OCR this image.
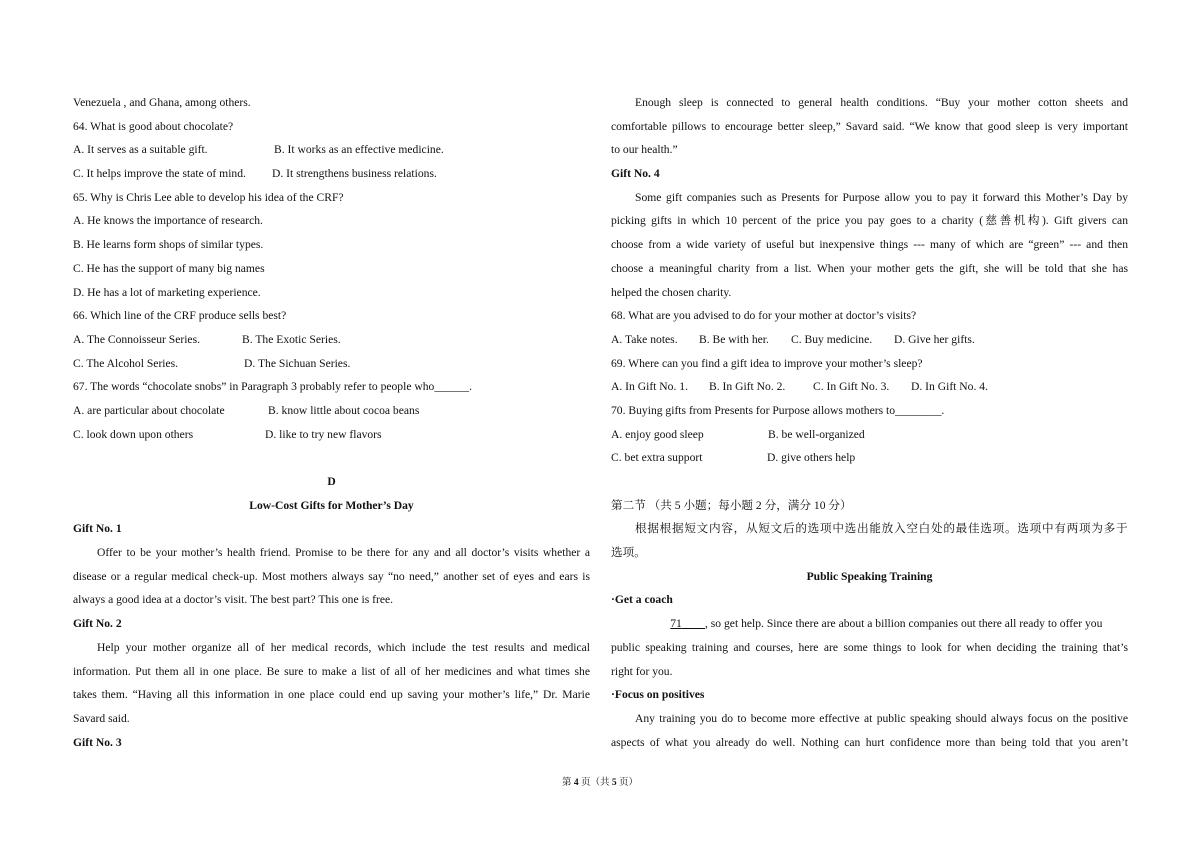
Venezuela , and Ghana, among others.
64. What is good about chocolate?
A. It serves as a suitable gift.	B. It works as an effective medicine.
C. It helps improve the state of mind. D. It strengthens business relations.
65. Why is Chris Lee able to develop his idea of the CRF?
A. He knows the importance of research.
B. He learns form shops of similar types.
C. He has the support of many big names
D. He has a lot of marketing experience.
66. Which line of the CRF produce sells best?
A. The Connoisseur Series.	B. The Exotic Series.
C. The Alcohol Series.	D. The Sichuan Series.
67. The words “chocolate snobs” in Paragraph 3 probably refer to people who______.
A. are particular about chocolate	B. know little about cocoa beans
C. look down upon others	D. like to try new flavors
D
Low-Cost Gifts for Mother’s Day
Gift No. 1
Offer to be your mother’s health friend. Promise to be there for any and all doctor’s visits whether a
disease or a regular medical check-up. Most mothers always say “no need,” another set of eyes and ears is
always a good idea at a doctor’s visit. The best part? This one is free.
Gift No. 2
Help your mother organize all of her medical records, which include the test results and medical
information. Put them all in one place. Be sure to make a list of all of her medicines and what times she
takes them. “Having all this information in one place could end up saving your mother’s life,” Dr. Marie
Savard said.
Gift No. 3
Enough sleep is connected to general health conditions. “Buy your mother cotton sheets and
comfortable pillows to encourage better sleep,” Savard said. “We know that good sleep is very important
to our health.”
Gift No. 4
Some gift companies such as Presents for Purpose allow you to pay it forward this Mother’s Day by
picking gifts in which 10 percent of the price you pay goes to a charity (慈善机构). Gift givers can
choose from a wide variety of useful but inexpensive things --- many of which are “green” --- and then
choose a meaningful charity from a list. When your mother gets the gift, she will be told that she has
helped the chosen charity.
68. What are you advised to do for your mother at doctor’s visits?
A. Take notes. B. Be with her. C. Buy medicine. D. Give her gifts.
69. Where can you find a gift idea to improve your mother’s sleep?
A. In Gift No. 1. B. In Gift No. 2. C. In Gift No. 3. D. In Gift No. 4.
70. Buying gifts from Presents for Purpose allows mothers to________.
A. enjoy good sleep	B. be well-organized
C. bet extra support	D. give others help
第二节 （共 5 小题；每小题 2 分，满分 10 分）
根据根据短文内容，从短文后的选项中选出能放入空白处的最佳选项。选项中有两项为多于
选项。
Public Speaking Training
·Get a coach
71 , so get help. Since there are about a billion companies out there all ready to offer you
public speaking training and courses, here are some things to look for when deciding the training that’s
right for you.
·Focus on positives
Any training you do to become more effective at public speaking should always focus on the positive
aspects of what you already do well. Nothing can hurt confidence more than being told that you aren’t
第 4 页（共 5 页）
